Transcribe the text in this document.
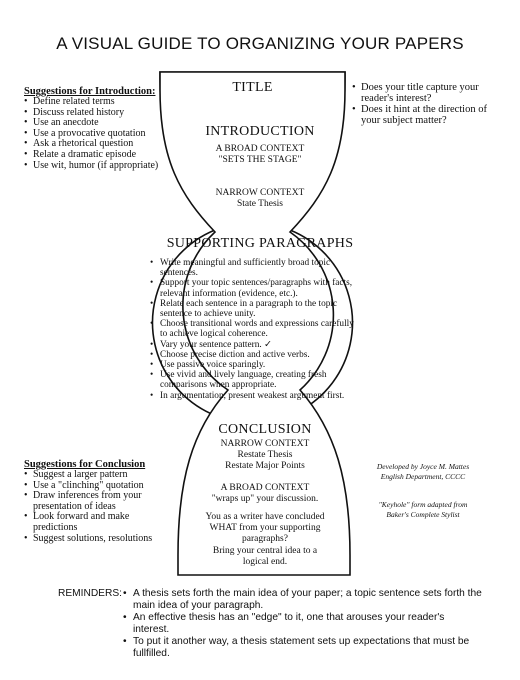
A VISUAL GUIDE TO ORGANIZING YOUR PAPERS
TITLE
INTRODUCTION
A BROAD CONTEXT
"SETS THE STAGE"
NARROW CONTEXT
State Thesis
SUPPORTING PARAGRAPHS
• Write meaningful and sufficiently broad topic sentences.
• Support your topic sentences/paragraphs with facts, relevant information (evidence, etc.).
• Relate each sentence in a paragraph to the topic sentence to achieve unity.
• Choose transitional words and expressions carefully to achieve logical coherence.
• Vary your sentence pattern. ✓
• Choose precise diction and active verbs.
• Use passive voice sparingly.
• Use vivid and lively language, creating fresh comparisons when appropriate.
• In argumentation, present weakest argument first.
CONCLUSION
NARROW CONTEXT
Restate Thesis
Restate Major Points
A BROAD CONTEXT
"wraps up" your discussion.
You as a writer have concluded WHAT from your supporting paragraphs?
Bring your central idea to a logical end.
Suggestions for Introduction:
• Define related terms
• Discuss related history
• Use an anecdote
• Use a provocative quotation
• Ask a rhetorical question
• Relate a dramatic episode
• Use wit, humor (if appropriate)
• Does your title capture your reader's interest?
• Does it hint at the direction of your subject matter?
Suggestions for Conclusion
• Suggest a larger pattern
• Use a "clinching" quotation
• Draw inferences from your presentation of ideas
• Look forward and make predictions
• Suggest solutions, resolutions
Developed by Joyce M. Mattes
English Department, CCCC
"Keyhole" form adapted from
Baker's Complete Stylist
REMINDERS:
•	A thesis sets forth the main idea of your paper; a topic sentence sets forth the main idea of your paragraph.
• An effective thesis has an "edge" to it, one that arouses your reader's interest.
• To put it another way, a thesis statement sets up expectations that must be fullfilled.
